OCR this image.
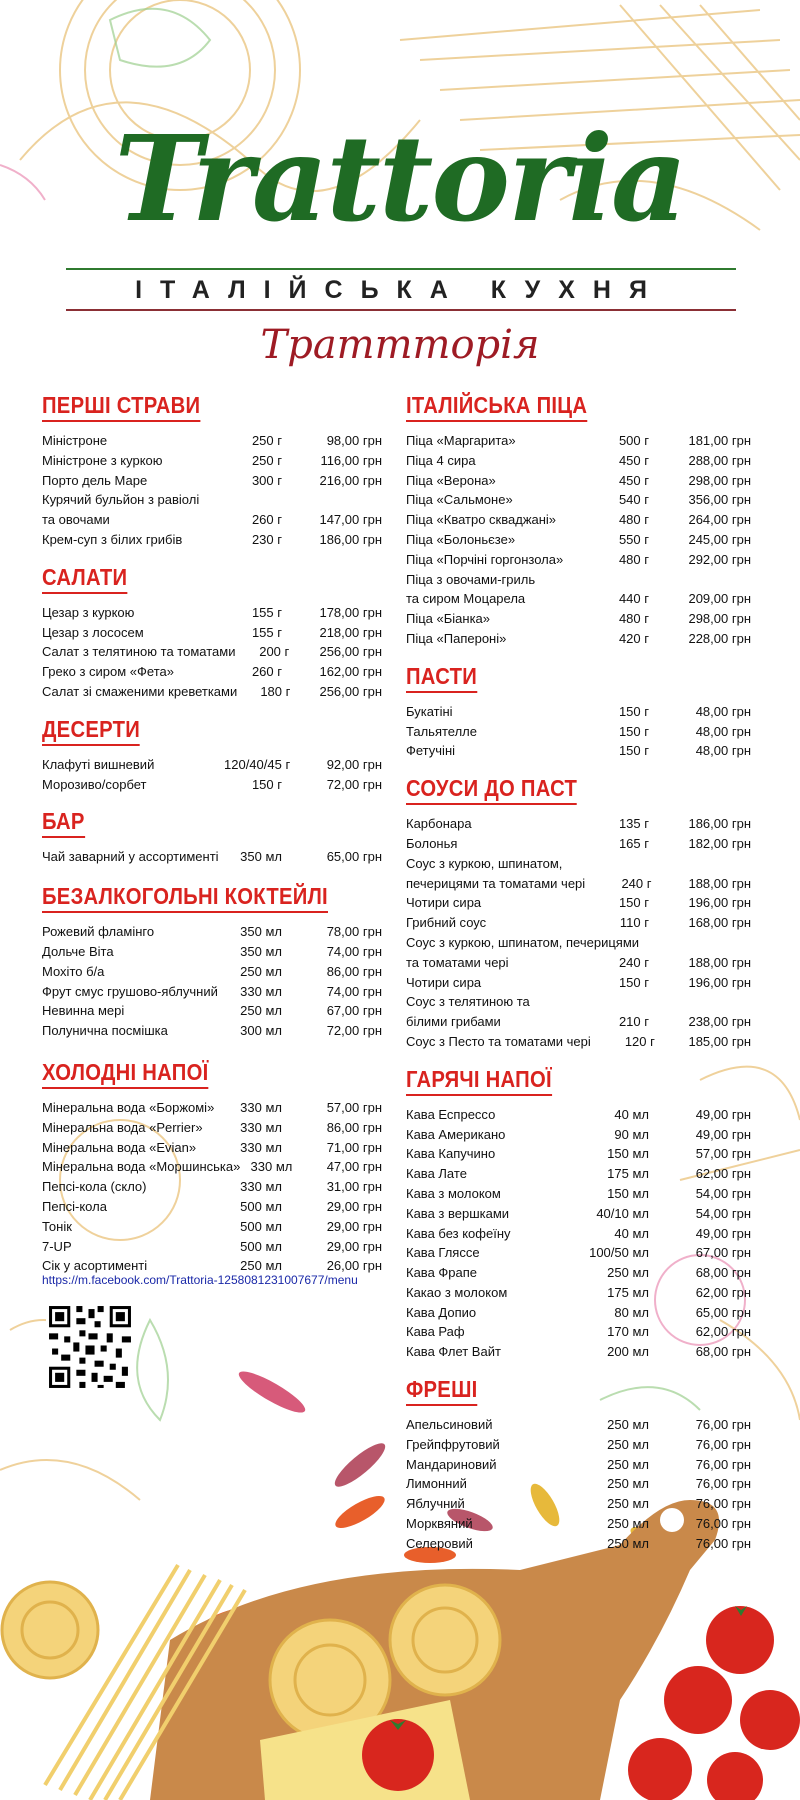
Trattoria
ІТАЛІЙСЬКА КУХНЯ
Траттторія
ПЕРШІ СТРАВИ
Міністроне	250 г	98,00 грн
Міністроне з куркою	250 г	116,00 грн
Порто дель Маре	300 г	216,00 грн
Курячий бульйон з равіолі
та овочами	260 г	147,00 грн
Крем-суп з білих грибів	230 г	186,00 грн
САЛАТИ
Цезар з куркою	155 г	178,00 грн
Цезар з лососем	155 г	218,00 грн
Салат з телятиною та томатами	200 г	256,00 грн
Греко з сиром «Фета»	260 г	162,00 грн
Салат зі смаженими креветками	180 г	256,00 грн
ДЕСЕРТИ
Клафуті вишневий	120/40/45 г	92,00 грн
Морозиво/сорбет	150 г	72,00 грн
БАР
Чай заварний у ассортименті	350 мл	65,00 грн
БЕЗАЛКОГОЛЬНІ КОКТЕЙЛІ
Рожевий фламінго	350 мл	78,00 грн
Дольче Віта	350 мл	74,00 грн
Мохіто б/а	250 мл	86,00 грн
Фрут смус грушово-яблучний	330 мл	74,00 грн
Невинна мері	250 мл	67,00 грн
Полунична посмішка	300 мл	72,00 грн
ХОЛОДНІ НАПОЇ
Мінеральна вода «Боржомі»	330 мл	57,00 грн
Мінеральна вода «Perrier»	330 мл	86,00 грн
Мінеральна вода «Evian»	330 мл	71,00 грн
Мінеральна вода «Моршинська» 330 мл	47,00 грн
Пепсі-кола (скло)	330 мл	31,00 грн
Пепсі-кола	500 мл	29,00 грн
Тонік	500 мл	29,00 грн
7-UP	500 мл	29,00 грн
Сік у асортименті	250 мл	26,00 грн
ІТАЛІЙСЬКА ПІЦА
Піца «Маргарита»	500 г	181,00 грн
Піца 4 сира	450 г	288,00 грн
Піца «Верона»	450 г	298,00 грн
Піца «Сальмоне»	540 г	356,00 грн
Піца «Кватро скваджані»	480 г	264,00 грн
Піца «Болоньєзе»	550 г	245,00 грн
Піца «Порчіні горгонзола»	480 г	292,00 грн
Піца з овочами-гриль
та сиром Моцарела	440 г	209,00 грн
Піца «Біанка»	480 г	298,00 грн
Піца «Папероні»	420 г	228,00 грн
ПАСТИ
Букатіні	150 г	48,00 грн
Тальятелле	150 г	48,00 грн
Фетучіні	150 г	48,00 грн
СОУСИ ДО ПАСТ
Карбонара	135 г	186,00 грн
Болонья	165 г	182,00 грн
Соус з куркою, шпинатом,
печерицями та томатами чері	240 г	188,00 грн
Чотири сира	150 г	196,00 грн
Грибний соус	110 г	168,00 грн
Соус з куркою, шпинатом, печерицями
та томатами чері	240 г	188,00 грн
Чотири сира	150 г	196,00 грн
Соус з телятиною та
білими грибами	210 г	238,00 грн
Соус з Песто та томатами чері	120 г	185,00 грн
ГАРЯЧІ НАПОЇ
Кава Еспрессо	40 мл	49,00 грн
Кава Американо	90 мл	49,00 грн
Кава Капучино	150 мл	57,00 грн
Кава Лате	175 мл	62,00 грн
Кава з молоком	150 мл	54,00 грн
Кава з вершками	40/10 мл	54,00 грн
Кава без кофеїну	40 мл	49,00 грн
Кава Гляссе	100/50 мл	67,00 грн
Кава Фрапе	250 мл	68,00 грн
Какао з молоком	175 мл	62,00 грн
Кава Допио	80 мл	65,00 грн
Кава Раф	170 мл	62,00 грн
Кава Флет Вайт	200 мл	68,00 грн
ФРЕШІ
Апельсиновий	250 мл	76,00 грн
Грейпфрутовий	250 мл	76,00 грн
Мандариновий	250 мл	76,00 грн
Лимонний	250 мл	76,00 грн
Яблучний	250 мл	76,00 грн
Морквяний	250 мл	76,00 грн
Селеровий	250 мл	76,00 грн
https://m.facebook.com/Trattoria-1258081231007677/menu
